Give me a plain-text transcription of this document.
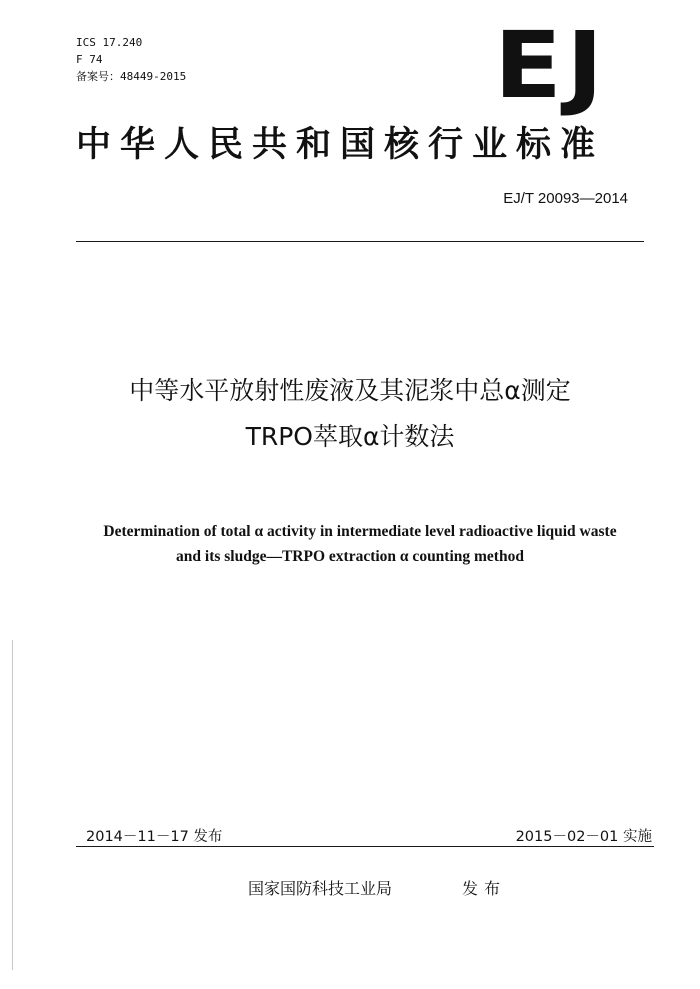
ICS 17.240
F 74
备案号：48449-2015	EJ
中华人民共和国核行业标准
EJ/T 20093—2014
中等水平放射性废液及其泥浆中总α测定
TRPO萃取α计数法
Determination of total α activity in intermediate level radioactive liquid waste
and its sludge—TRPO extraction α counting method
2014－11－17 发布	2015－02－01 实施
国家国防科技工业局	发布
